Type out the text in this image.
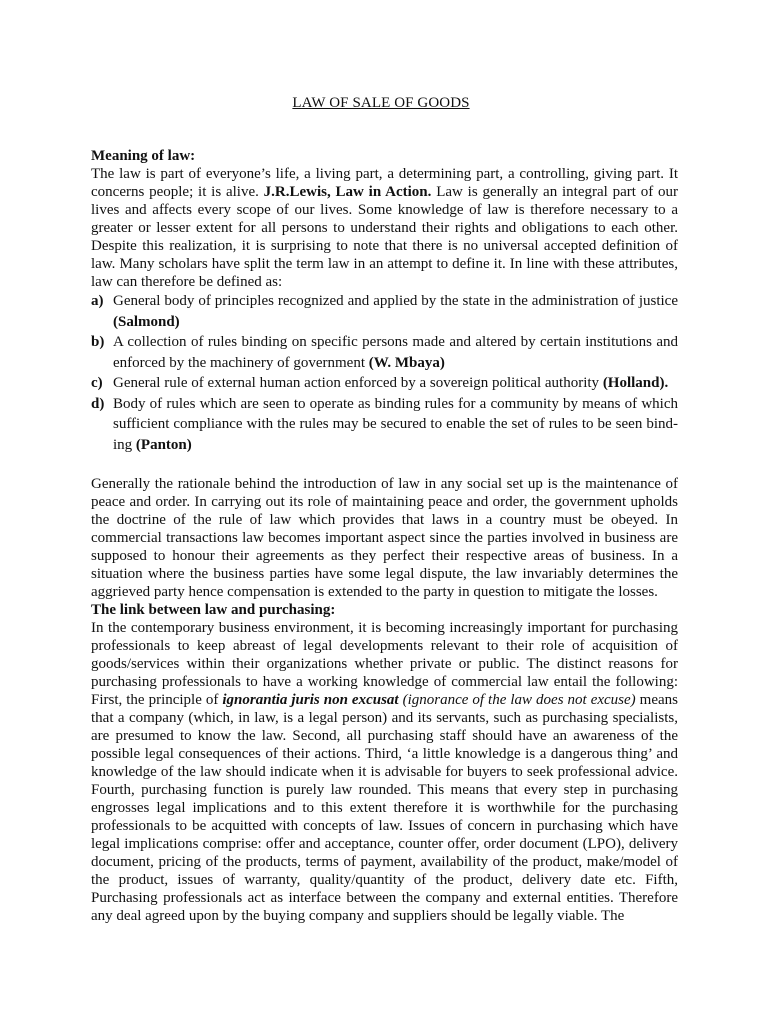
LAW OF SALE OF GOODS

Meaning of law:

The law is part of everyone’s life, a living part, a determining part, a controlling, giving part. It concerns people; it is alive. J.R.Lewis, Law in Action. Law is generally an integral part of our lives and affects every scope of our lives. Some knowledge of law is therefore necessary to a greater or lesser extent for all persons to understand their rights and obligations to each other. Despite this realization, it is surprising to note that there is no universal accepted definition of law. Many scholars have split the term law in an attempt to define it. In line with these attributes, law can therefore be defined as:

a) General body of principles recognized and applied by the state in the administration of justice (Salmond)
b) A collection of rules binding on specific persons made and altered by certain institutions and enforced by the machinery of government (W. Mbaya)
c) General rule of external human action enforced by a sovereign political authority (Holland).
d) Body of rules which are seen to operate as binding rules for a community by means of which sufficient compliance with the rules may be secured to enable the set of rules to be seen bind-ing (Panton)

Generally the rationale behind the introduction of law in any social set up is the maintenance of peace and order. In carrying out its role of maintaining peace and order, the government upholds the doctrine of the rule of law which provides that laws in a country must be obeyed. In commercial transactions law becomes important aspect since the parties involved in business are supposed to honour their agreements as they perfect their respective areas of business. In a situation where the business parties have some legal dispute, the law invariably determines the aggrieved party hence compensation is extended to the party in question to mitigate the losses.

The link between law and purchasing:

In the contemporary business environment, it is becoming increasingly important for purchasing professionals to keep abreast of legal developments relevant to their role of acquisition of goods/services within their organizations whether private or public. The distinct reasons for purchasing professionals to have a working knowledge of commercial law entail the following: First, the principle of ignorantia juris non excusat (ignorance of the law does not excuse) means that a company (which, in law, is a legal person) and its servants, such as purchasing specialists, are presumed to know the law. Second, all purchasing staff should have an awareness of the possible legal consequences of their actions. Third, ‘a little knowledge is a dangerous thing’ and knowledge of the law should indicate when it is advisable for buyers to seek professional advice. Fourth, purchasing function is purely law rounded. This means that every step in purchasing engrosses legal implications and to this extent therefore it is worthwhile for the purchasing professionals to be acquitted with concepts of law. Issues of concern in purchasing which have legal implications comprise: offer and acceptance, counter offer, order document (LPO), delivery document, pricing of the products, terms of payment, availability of the product, make/model of the product, issues of warranty, quality/quantity of the product, delivery date etc. Fifth, Purchasing professionals act as interface between the company and external entities. Therefore any deal agreed upon by the buying company and suppliers should be legally viable. The
